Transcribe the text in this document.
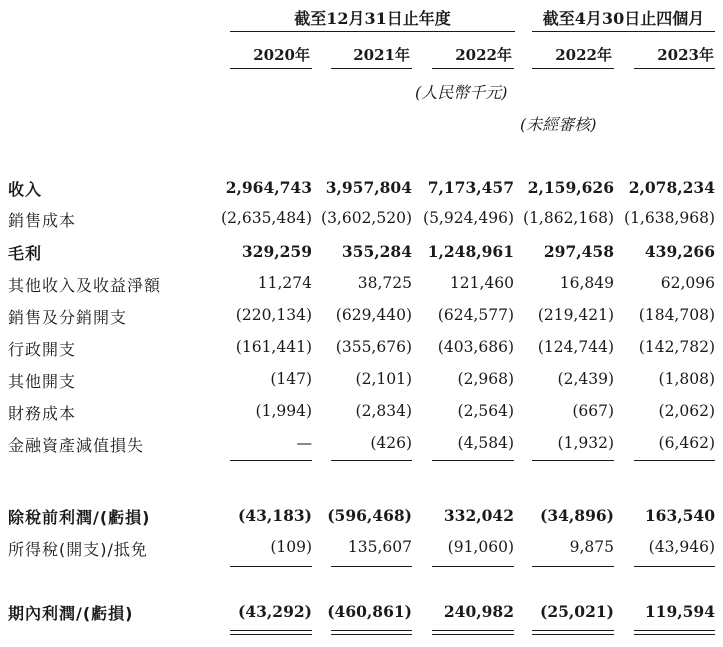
截至12月31日止年度	截至4月30日止四個月
2020年	2021年	2022年	2022年	2023年
(人民幣千元)
(未經審核)
收入	2,964,743 3,957,804	7,173,457 2,159,626 2,078,234
銷售成本	(2,635,484) (3,602,520) (5,924,496) (1,862,168) (1,638,968)
毛利	329,259	355,284	1,248,961	297,458	439,266
其他收入及收益淨額	11,274	38,725	121,460	16,849	62,096
銷售及分銷開支	(220,134)	(629,440)	(624,577)	(219,421)	(184,708)
行政開支	(161,441)	(355,676)	(403,686)	(124,744)	(142,782)
其他開支	(147)	(2,101)	(2,968)	(2,439)	(1,808)
財務成本	(1,994)	(2,834)	(2,564)	(667)	(2,062)
金融資產減值損失	—	(426)	(4,584)	(1,932)	(6,462)
除稅前利潤/(虧損)	(43,183) (596,468)	332,042	(34,896)	163,540
所得稅(開支)/抵免	(109)	135,607	(91,060)	9,875	(43,946)
期內利潤/(虧損)	(43,292) (460,861)	240,982	(25,021)	119,594
